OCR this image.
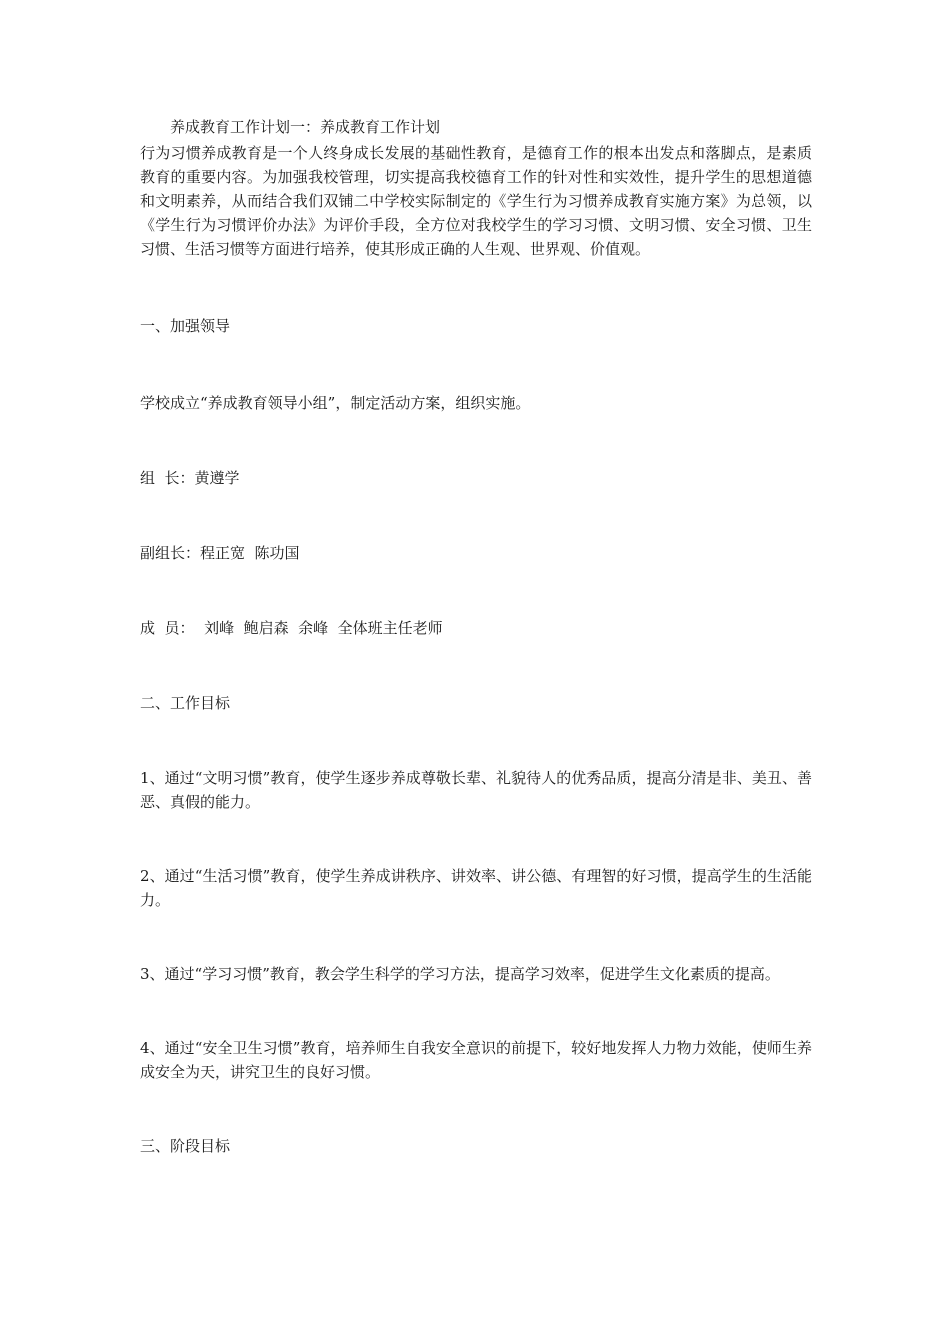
养成教育工作计划一：养成教育工作计划

行为习惯养成教育是一个人终身成长发展的基础性教育，是德育工作的根本出发点和落脚点，是素质教育的重要内容。为加强我校管理，切实提高我校德育工作的针对性和实效性，提升学生的思想道德和文明素养，从而结合我们双铺二中学校实际制定的《学生行为习惯养成教育实施方案》为总领，以《学生行为习惯评价办法》为评价手段，全方位对我校学生的学习习惯、文明习惯、安全习惯、卫生习惯、生活习惯等方面进行培养，使其形成正确的人生观、世界观、价值观。

一、加强领导

学校成立“养成教育领导小组”，制定活动方案，组织实施。

组  长：黄遵学

副组长：程正宽  陈功国

成  员：  刘峰  鲍启森  余峰  全体班主任老师

二、工作目标

1、通过“文明习惯”教育，使学生逐步养成尊敬长辈、礼貌待人的优秀品质，提高分清是非、美丑、善恶、真假的能力。

2、通过“生活习惯”教育，使学生养成讲秩序、讲效率、讲公德、有理智的好习惯，提高学生的生活能力。

3、通过“学习习惯”教育，教会学生科学的学习方法，提高学习效率，促进学生文化素质的提高。

4、通过“安全卫生习惯”教育，培养师生自我安全意识的前提下，较好地发挥人力物力效能，使师生养成安全为天，讲究卫生的良好习惯。

三、阶段目标
